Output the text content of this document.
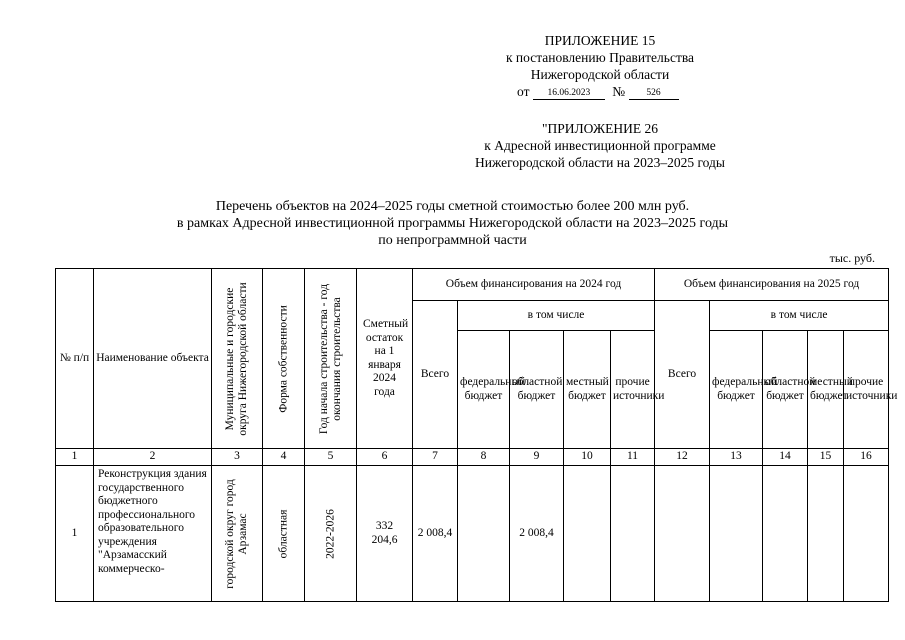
ПРИЛОЖЕНИЕ 15
к постановлению Правительства
Нижегородской области
от 16.06.2023 № 526
"ПРИЛОЖЕНИЕ 26
к Адресной инвестиционной программе
Нижегородской области на 2023–2025 годы
Перечень объектов на 2024–2025 годы сметной стоимостью более 200 млн руб.
в рамках Адресной инвестиционной программы Нижегородской области на 2023–2025 годы
по непрограммной части
тыс. руб.
№ п/п	Наименование объекта	Муниципальные и городские округа Нижегородской области	Форма собственности	Год начала строительства - год окончания строительства	Сметный остаток на 1 января 2024 года	Объем финансирования на 2024 год					Объем финансирования на 2025 год				
						Всего	в том числе				Всего	в том числе			
							федеральный бюджет	областной бюджет	местный бюджет	прочие источники		федеральный бюджет	областной бюджет	местный бюджет	прочие источники
1	2	3	4	5	6	7	8	9	10	11	12	13	14	15	16
1	Реконструкция здания государственного бюджетного профессионального образовательного учреждения "Арзамасский коммерческо-	городской округ город Арзамас	областная	2022-2026	332 204,6	2 008,4		2 008,4							
